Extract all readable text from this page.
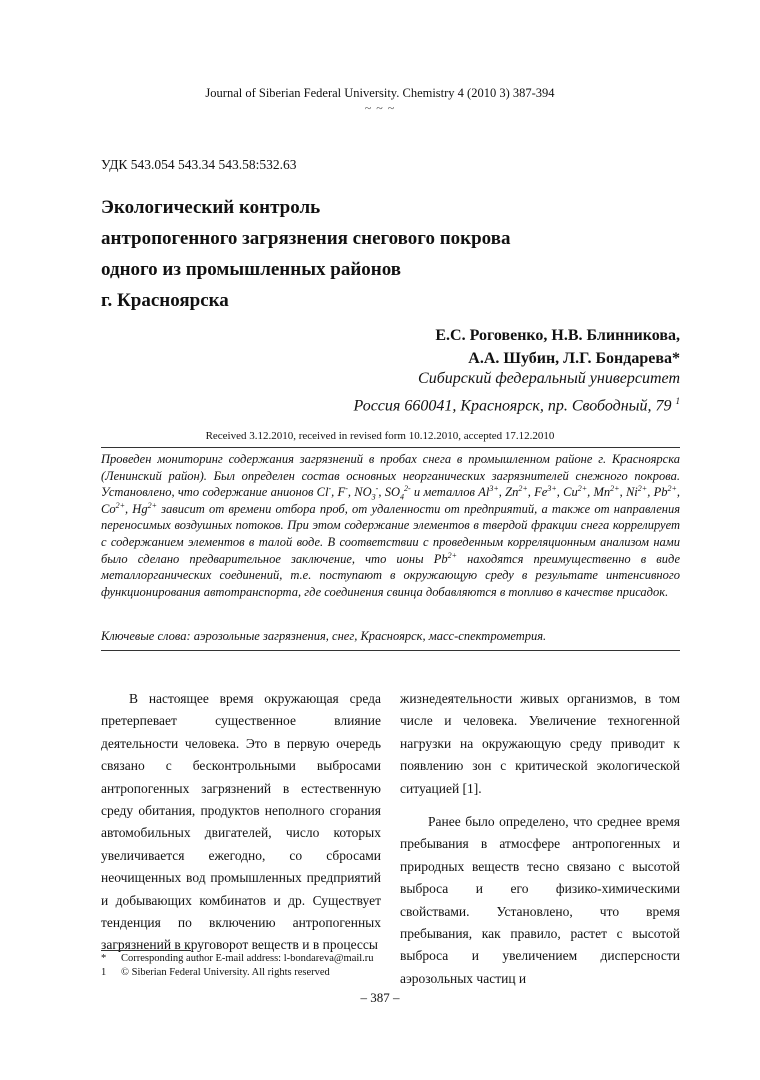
Journal of Siberian Federal University. Chemistry 4 (2010 3) 387-394
~ ~ ~
УДК 543.054 543.34 543.58:532.63
Экологический контроль
антропогенного загрязнения снегового покрова
одного из промышленных районов
г. Красноярска
Е.С. Роговенко, Н.В. Блинникова,
А.А. Шубин, Л.Г. Бондарева*
Сибирский федеральный университет
Россия 660041, Красноярск, пр. Свободный, 79 $^1$
Received 3.12.2010, received in revised form 10.12.2010, accepted 17.12.2010
Проведен мониторинг содержания загрязнений в пробах снега в промышленном районе г. Красноярска (Ленинский район). Был определен состав основных неорганических загрязнителей снежного покрова. Установлено, что содержание анионов Cl-, F-, $NO_3^-$, $SO_4^{2-}$ и металлов $Al^{3+}$, $Zn^{2+}$, $Fe^{3+}$, $Cu^{2+}$, $Mn^{2+}$, $Ni^{2+}$, $Pb^{2+}$, $Co^{2+}$, $Hg^{2+}$ зависит от времени отбора проб, от удаленности от предприятий, а также от направления переносимых воздушных потоков. При этом содержание элементов в твердой фракции снега коррелирует с содержанием элементов в талой воде. В соответствии с проведенным корреляционным анализом нами было сделано предварительное заключение, что ионы $Pb^{2+}$ находятся преимущественно в виде металлорганических соединений, т.е. поступают в окружающую среду в результате интенсивного функционирования автотранспорта, где соединения свинца добавляются в топливо в качестве присадок.
Ключевые слова: аэрозольные загрязнения, снег, Красноярск, масс-спектрометрия.

В настоящее время окружающая среда претерпевает существенное влияние деятельности человека. Это в первую очередь связано с бесконтрольными выбросами антропогенных загрязнений в естественную среду обитания, продуктов неполного сгорания автомобильных двигателей, число которых увеличивается ежегодно, со сбросами неочищенных вод промышленных предприятий и добывающих комбинатов и др. Существует тенденция по включению антропогенных загрязнений в круговорот веществ и в процессы

жизнедеятельности живых организмов, в том числе и человека. Увеличение техногенной нагрузки на окружающую среду приводит к появлению зон с критической экологической ситуацией [1].

Ранее было определено, что среднее время пребывания в атмосфере антропогенных и природных веществ тесно связано с высотой выброса и его физико-химическими свойствами. Установлено, что время пребывания, как правило, растет с высотой выброса и увеличением дисперсности аэрозольных частиц и

* Corresponding author E-mail address: l-bondareva@mail.ru
1 © Siberian Federal University. All rights reserved
– 387 –
